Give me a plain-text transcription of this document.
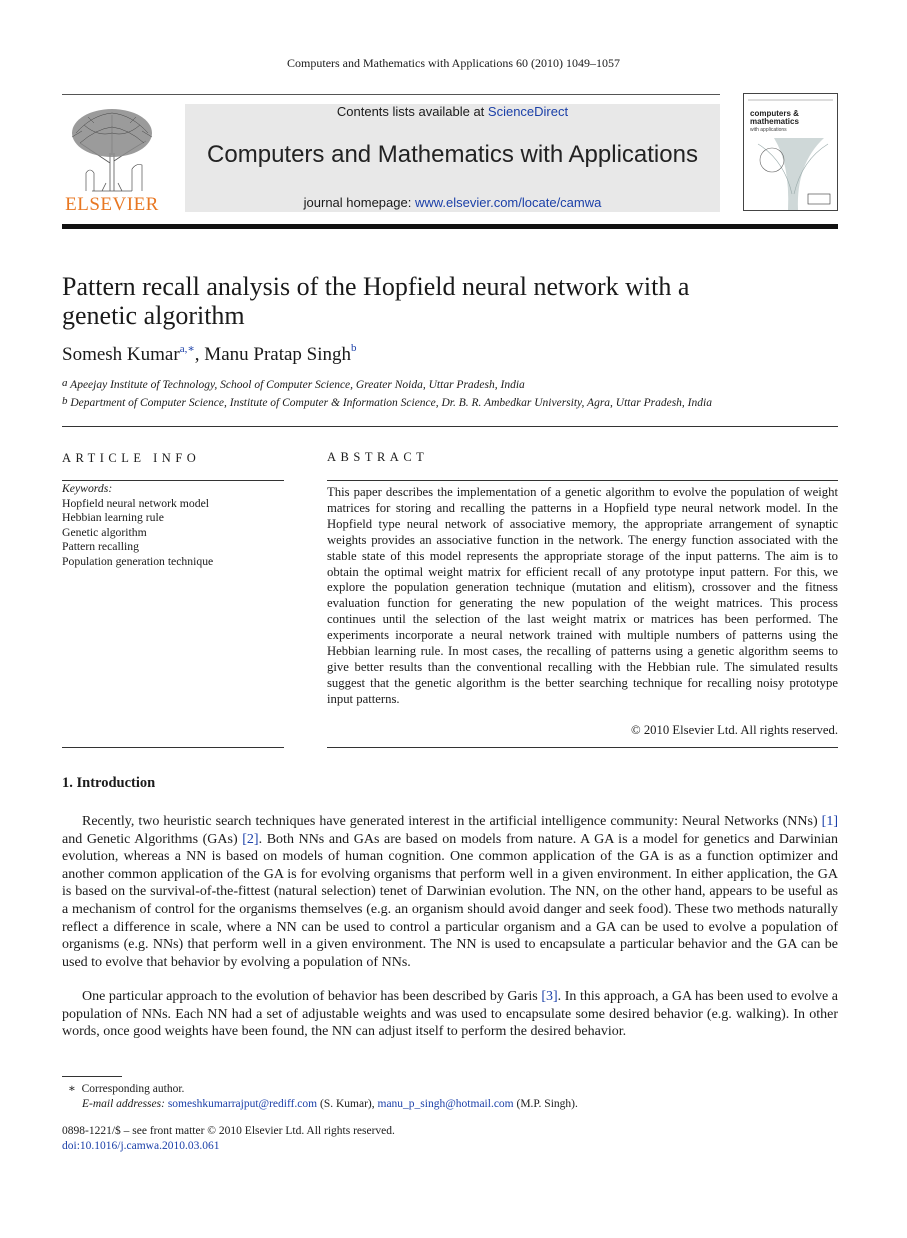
Computers and Mathematics with Applications 60 (2010) 1049–1057
ELSEVIER
Contents lists available at ScienceDirect
Computers and Mathematics with Applications
journal homepage: www.elsevier.com/locate/camwa
computers &
mathematics
with applications
Pattern recall analysis of the Hopfield neural network with a genetic algorithm
Somesh Kumar$^{a,∗}$, Manu Pratap Singh$^b$
$^a$ Apeejay Institute of Technology, School of Computer Science, Greater Noida, Uttar Pradesh, India
$^b$ Department of Computer Science, Institute of Computer & Information Science, Dr. B. R. Ambedkar University, Agra, Uttar Pradesh, India
ARTICLE INFO
Keywords:
Hopfield neural network model
Hebbian learning rule
Genetic algorithm
Pattern recalling
Population generation technique
ABSTRACT
This paper describes the implementation of a genetic algorithm to evolve the population of weight matrices for storing and recalling the patterns in a Hopfield type neural network model. In the Hopfield type neural network of associative memory, the appropriate arrangement of synaptic weights provides an associative function in the network. The energy function associated with the stable state of this model represents the appropriate storage of the input patterns. The aim is to obtain the optimal weight matrix for efficient recall of any prototype input pattern. For this, we explore the population generation technique (mutation and elitism), crossover and the fitness evaluation function for generating the new population of the weight matrices. This process continues until the selection of the last weight matrix or matrices has been performed. The experiments incorporate a neural network trained with multiple numbers of patterns using the Hebbian learning rule. In most cases, the recalling of patterns using a genetic algorithm seems to give better results than the conventional recalling with the Hebbian rule. The simulated results suggest that the genetic algorithm is the better searching technique for recalling noisy prototype input patterns.
© 2010 Elsevier Ltd. All rights reserved.
1. Introduction

Recently, two heuristic search techniques have generated interest in the artificial intelligence community: Neural Networks (NNs) [1] and Genetic Algorithms (GAs) [2]. Both NNs and GAs are based on models from nature. A GA is a model for genetics and Darwinian evolution, whereas a NN is based on models of human cognition. One common application of the GA is as a function optimizer and another common application of the GA is for evolving organisms that perform well in a given environment. In either application, the GA is based on the survival-of-the-fittest (natural selection) tenet of Darwinian evolution. The NN, on the other hand, appears to be useful as a mechanism of control for the organisms themselves (e.g. an organism should avoid danger and seek food). These two methods naturally reflect a difference in scale, where a NN can be used to control a particular organism and a GA can be used to evolve a population of organisms (e.g. NNs) that perform well in a given environment. The NN is used to encapsulate a particular behavior and the GA can be used to evolve that behavior by evolving a population of NNs.

One particular approach to the evolution of behavior has been described by Garis [3]. In this approach, a GA has been used to evolve a population of NNs. Each NN had a set of adjustable weights and was used to encapsulate some desired behavior (e.g. walking). In other words, once good weights have been found, the NN can adjust itself to perform the desired behavior.

∗ Corresponding author.
E-mail addresses: someshkumarrajput@rediff.com (S. Kumar), manu_p_singh@hotmail.com (M.P. Singh).
0898-1221/$ – see front matter © 2010 Elsevier Ltd. All rights reserved.
doi:10.1016/j.camwa.2010.03.061
